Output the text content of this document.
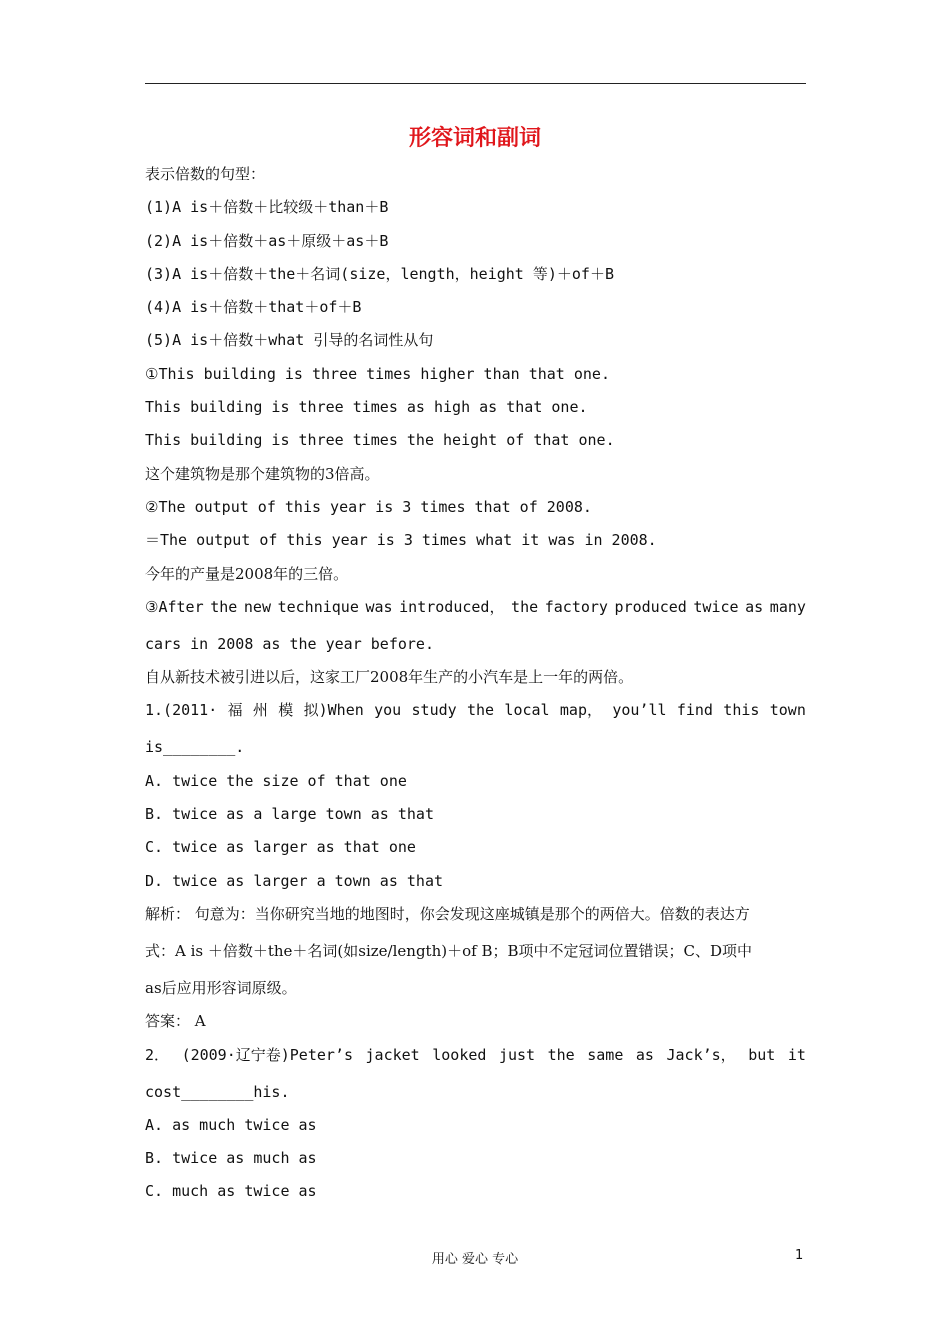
形容词和副词
表示倍数的句型：
(1)A is＋倍数＋比较级＋than＋B
(2)A is＋倍数＋as＋原级＋as＋B
(3)A is＋倍数＋the＋名词(size，length，height 等)＋of＋B
(4)A is＋倍数＋that＋of＋B
(5)A is＋倍数＋what 引导的名词性从句
①This building is three times higher than that one.
This building is three times as high as that one.
This building is three times the height of that one.
这个建筑物是那个建筑物的3倍高。
②The output of this year is 3 times that of 2008.
＝The output of this year is 3 times what it was in 2008.
今年的产量是2008年的三倍。
③After the new technique was introduced， the factory produced twice as many
cars in 2008 as the year before.
自从新技术被引进以后，这家工厂2008年生产的小汽车是上一年的两倍。
1.(2011· 福 州 模 拟)When you study the local map， you’ll find this town
is________.
A. twice the size of that one
B. twice as a large town as that
C. twice as larger as that one
D. twice as larger a town as that
解析： 句意为：当你研究当地的地图时，你会发现这座城镇是那个的两倍大。倍数的表达方
式：A is ＋倍数＋the＋名词(如size/length)＋of B；B项中不定冠词位置错误；C、D项中
as后应用形容词原级。
答案： A
2． (2009·辽宁卷)Peter’s jacket looked just the same as Jack’s， but it
cost________his.
A. as much twice as
B. twice as much as
C. much as twice as
用心 爱心 专心	1
